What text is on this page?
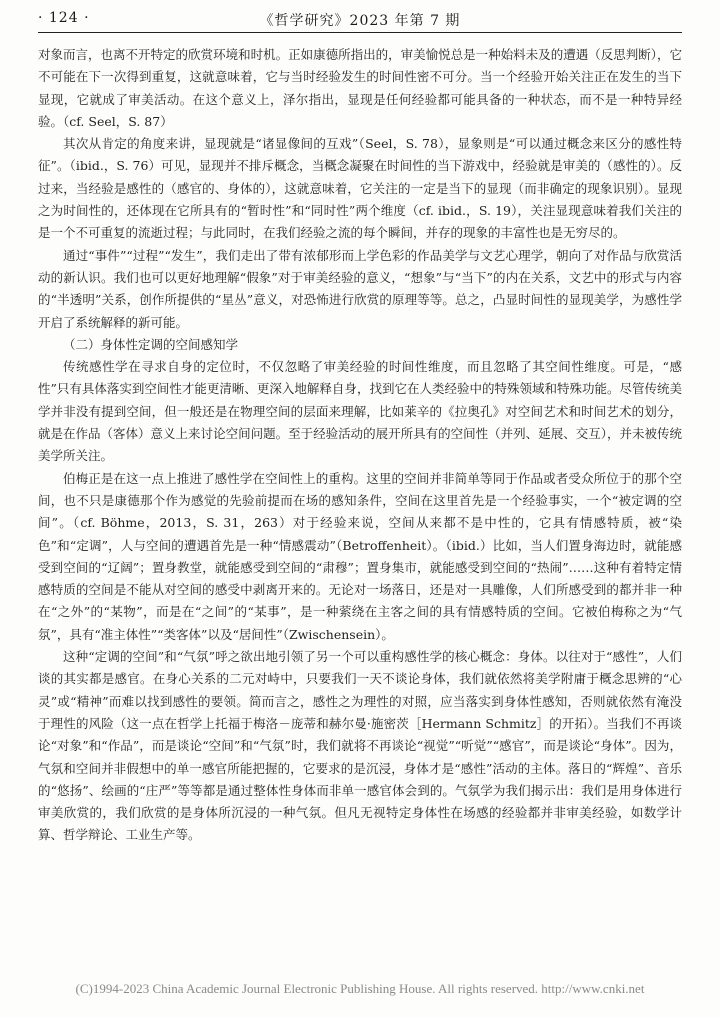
· 124 ·	《哲学研究》2023 年第 7 期

对象而言，也离不开特定的欣赏环境和时机。正如康德所指出的，审美愉悦总是一种始料未及的遭遇（反思判断），它不可能在下一次得到重复，这就意味着，它与当时经验发生的时间性密不可分。当一个经验开始关注正在发生的当下显现，它就成了审美活动。在这个意义上，泽尔指出，显现是任何经验都可能具备的一种状态，而不是一种特异经验。（cf. Seel，S. 87）

其次从肯定的角度来讲，显现就是“诸显像间的互戏”（Seel，S. 78），显象则是“可以通过概念来区分的感性特征”。（ibid.，S. 76）可见，显现并不排斥概念，当概念凝聚在时间性的当下游戏中，经验就是审美的（感性的）。反过来，当经验是感性的（感官的、身体的），这就意味着，它关注的一定是当下的显现（而非确定的现象识别）。显现之为时间性的，还体现在它所具有的“暂时性”和“同时性”两个维度（cf. ibid.，S. 19），关注显现意味着我们关注的是一个不可重复的流逝过程；与此同时，在我们经验之流的每个瞬间，并存的现象的丰富性也是无穷尽的。

通过“事件”“过程”“发生”，我们走出了带有浓郁形而上学色彩的作品美学与文艺心理学，朝向了对作品与欣赏活动的新认识。我们也可以更好地理解“假象”对于审美经验的意义，“想象”与“当下”的内在关系，文艺中的形式与内容的“半透明”关系，创作所提供的“星丛”意义，对恐怖进行欣赏的原理等等。总之，凸显时间性的显现美学，为感性学开启了系统解释的新可能。

（二）身体性定调的空间感知学

传统感性学在寻求自身的定位时，不仅忽略了审美经验的时间性维度，而且忽略了其空间性维度。可是，“感性”只有具体落实到空间性才能更清晰、更深入地解释自身，找到它在人类经验中的特殊领域和特殊功能。尽管传统美学并非没有提到空间，但一般还是在物理空间的层面来理解，比如莱辛的《拉奥孔》对空间艺术和时间艺术的划分，就是在作品（客体）意义上来讨论空间问题。至于经验活动的展开所具有的空间性（并列、延展、交互），并未被传统美学所关注。

伯梅正是在这一点上推进了感性学在空间性上的重构。这里的空间并非简单等同于作品或者受众所位于的那个空间，也不只是康德那个作为感觉的先验前提而在场的感知条件，空间在这里首先是一个经验事实，一个“被定调的空间”。（cf. Böhme，2013，S. 31，263）对于经验来说，空间从来都不是中性的，它具有情感特质，被“染色”和“定调”，人与空间的遭遇首先是一种“情感震动”（Betroffenheit）。（ibid.）比如，当人们置身海边时，就能感受到空间的“辽阔”；置身教堂，就能感受到空间的“肃穆”；置身集市，就能感受到空间的“热闹”……这种有着特定情感特质的空间是不能从对空间的感受中剥离开来的。无论对一场落日，还是对一具雕像，人们所感受到的都并非一种在“之外”的“某物”，而是在“之间”的“某事”，是一种萦绕在主客之间的具有情感特质的空间。它被伯梅称之为“气氛”，具有“准主体性”“类客体”以及“居间性”（Zwischensein）。

这种“定调的空间”和“气氛”呼之欲出地引领了另一个可以重构感性学的核心概念：身体。以往对于“感性”，人们谈的其实都是感官。在身心关系的二元对峙中，只要我们一天不谈论身体，我们就依然将美学附庸于概念思辨的“心灵”或“精神”而难以找到感性的要领。简而言之，感性之为理性的对照，应当落实到身体性感知，否则就依然有淹没于理性的风险（这一点在哲学上托福于梅洛－庞蒂和赫尔曼·施密茨［Hermann Schmitz］的开拓）。当我们不再谈论“对象”和“作品”，而是谈论“空间”和“气氛”时，我们就将不再谈论“视觉”“听觉”“感官”，而是谈论“身体”。因为，气氛和空间并非假想中的单一感官所能把握的，它要求的是沉浸，身体才是“感性”活动的主体。落日的“辉煌”、音乐的“悠扬”、绘画的“庄严”等等都是通过整体性身体而非单一感官体会到的。气氛学为我们揭示出：我们是用身体进行审美欣赏的，我们欣赏的是身体所沉浸的一种气氛。但凡无视特定身体性在场感的经验都并非审美经验，如数学计算、哲学辩论、工业生产等。

(C)1994-2023 China Academic Journal Electronic Publishing House. All rights reserved. http://www.cnki.net
